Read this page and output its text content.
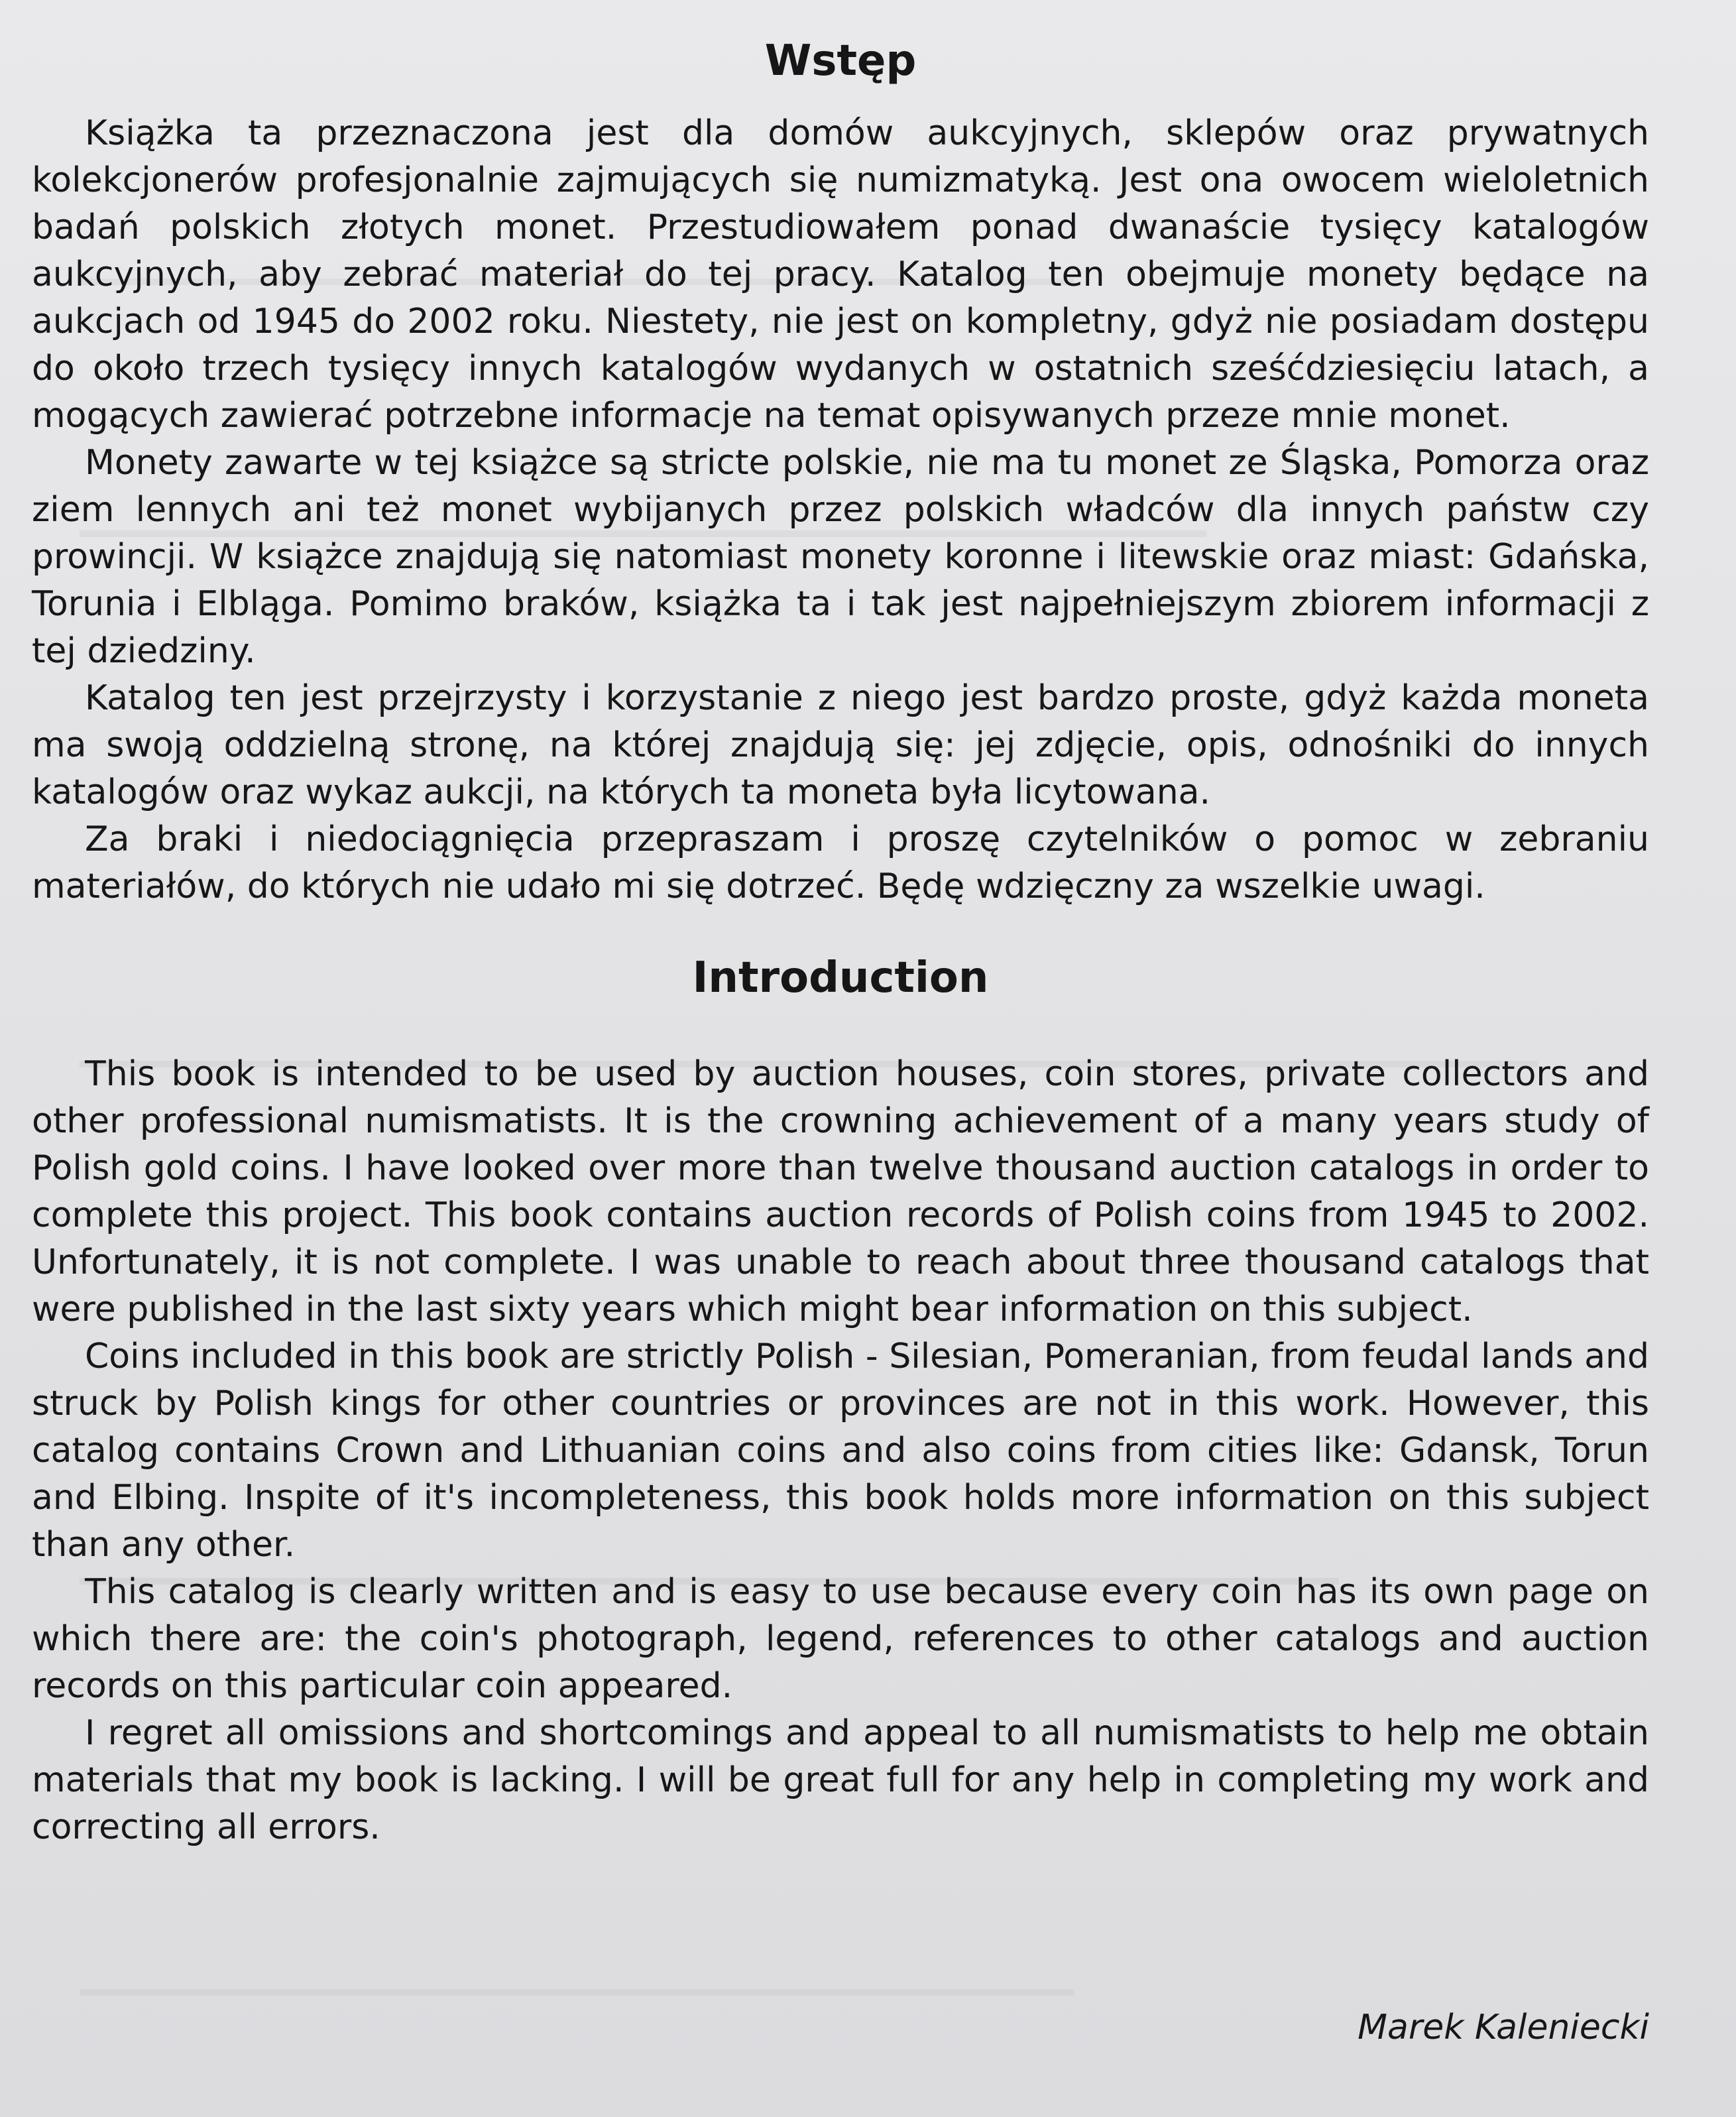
Wstęp

Książka ta przeznaczona jest dla domów aukcyjnych, sklepów oraz prywatnych kolekcjonerów profesjonalnie zajmujących się numizmatyką. Jest ona owocem wieloletnich badań polskich złotych monet. Przestudiowałem ponad dwanaście tysięcy katalogów aukcyjnych, aby zebrać materiał do tej pracy. Katalog ten obejmuje monety będące na aukcjach od 1945 do 2002 roku. Niestety, nie jest on kompletny, gdyż nie posiadam dostępu do około trzech tysięcy innych katalogów wydanych w ostatnich sześćdziesięciu latach, a mogących zawierać potrzebne informacje na temat opisywanych przeze mnie monet.

Monety zawarte w tej książce są stricte polskie, nie ma tu monet ze Śląska, Pomorza oraz ziem lennych ani też monet wybijanych przez polskich władców dla innych państw czy prowincji. W książce znajdują się natomiast monety koronne i litewskie oraz miast: Gdańska, Torunia i Elbląga. Pomimo braków, książka ta i tak jest najpełniejszym zbiorem informacji z tej dziedziny.

Katalog ten jest przejrzysty i korzystanie z niego jest bardzo proste, gdyż każda moneta ma swoją oddzielną stronę, na której znajdują się: jej zdjęcie, opis, odnośniki do innych katalogów oraz wykaz aukcji, na których ta moneta była licytowana.

Za braki i niedociągnięcia przepraszam i proszę czytelników o pomoc w zebraniu materiałów, do których nie udało mi się dotrzeć. Będę wdzięczny za wszelkie uwagi.

Introduction

This book is intended to be used by auction houses, coin stores, private collectors and other professional numismatists. It is the crowning achievement of a many years study of Polish gold coins. I have looked over more than twelve thousand auction catalogs in order to complete this project. This book contains auction records of Polish coins from 1945 to 2002. Unfortunately, it is not complete. I was unable to reach about three thousand catalogs that were published in the last sixty years which might bear information on this subject.

Coins included in this book are strictly Polish - Silesian, Pomeranian, from feudal lands and struck by Polish kings for other countries or provinces are not in this work. However, this catalog contains Crown and Lithuanian coins and also coins from cities like: Gdansk, Torun and Elbing. Inspite of it's incompleteness, this book holds more information on this subject than any other.

This catalog is clearly written and is easy to use because every coin has its own page on which there are: the coin's photograph, legend, references to other catalogs and auction records on this particular coin appeared.

I regret all omissions and shortcomings and appeal to all numismatists to help me obtain materials that my book is lacking. I will be great full for any help in completing my work and correcting all errors.

Marek Kaleniecki
